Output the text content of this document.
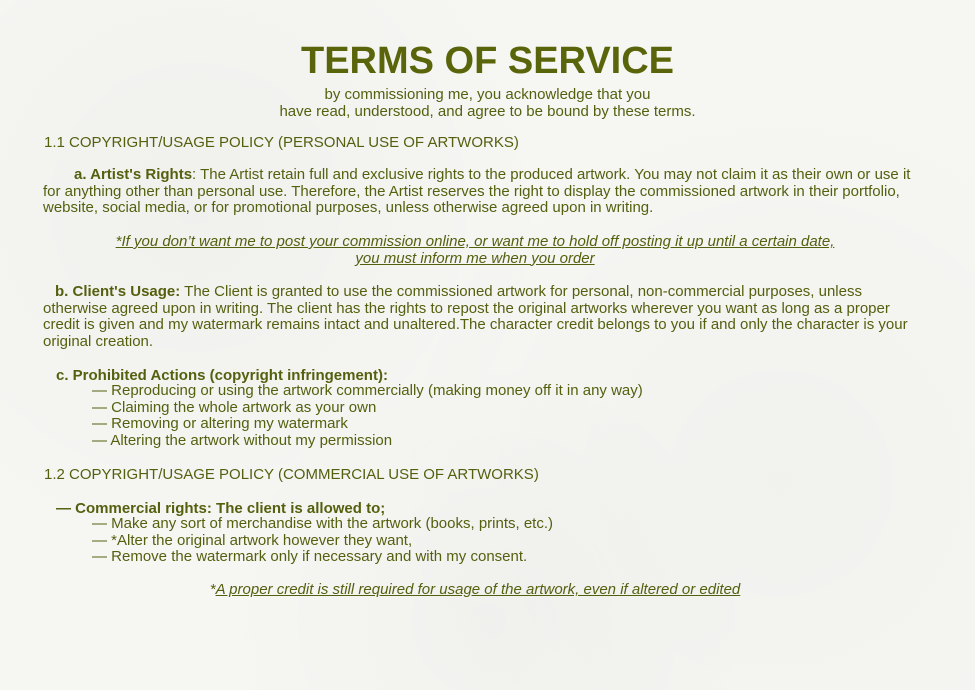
TERMS OF SERVICE
by commissioning me, you acknowledge that you
have read, understood, and agree to be bound by these terms.
1.1 COPYRIGHT/USAGE POLICY (PERSONAL USE OF ARTWORKS)
a. Artist's Rights: The Artist retain full and exclusive rights to the produced artwork. You may not claim it as their own or use it for anything other than personal use. Therefore, the Artist reserves the right to display the commissioned artwork in their portfolio, website, social media, or for promotional purposes, unless otherwise agreed upon in writing.
*If you don’t want me to post your commission online, or want me to hold off posting it up until a certain date,
you must inform me when you order
b. Client's Usage: The Client is granted to use the commissioned artwork for personal, non-commercial purposes, unless otherwise agreed upon in writing. The client has the rights to repost the original artworks wherever you want as long as a proper credit is given and my watermark remains intact and unaltered.The character credit belongs to you if and only the character is your original creation.
c. Prohibited Actions (copyright infringement):
— Reproducing or using the artwork commercially (making money off it in any way)
— Claiming the whole artwork as your own
— Removing or altering my watermark
— Altering the artwork without my permission
1.2 COPYRIGHT/USAGE POLICY (COMMERCIAL USE OF ARTWORKS)
— Commercial rights: The client is allowed to;
— Make any sort of merchandise with the artwork (books, prints, etc.)
— *Alter the original artwork however they want,
— Remove the watermark only if necessary and with my consent.
*A proper credit is still required for usage of the artwork, even if altered or edited
